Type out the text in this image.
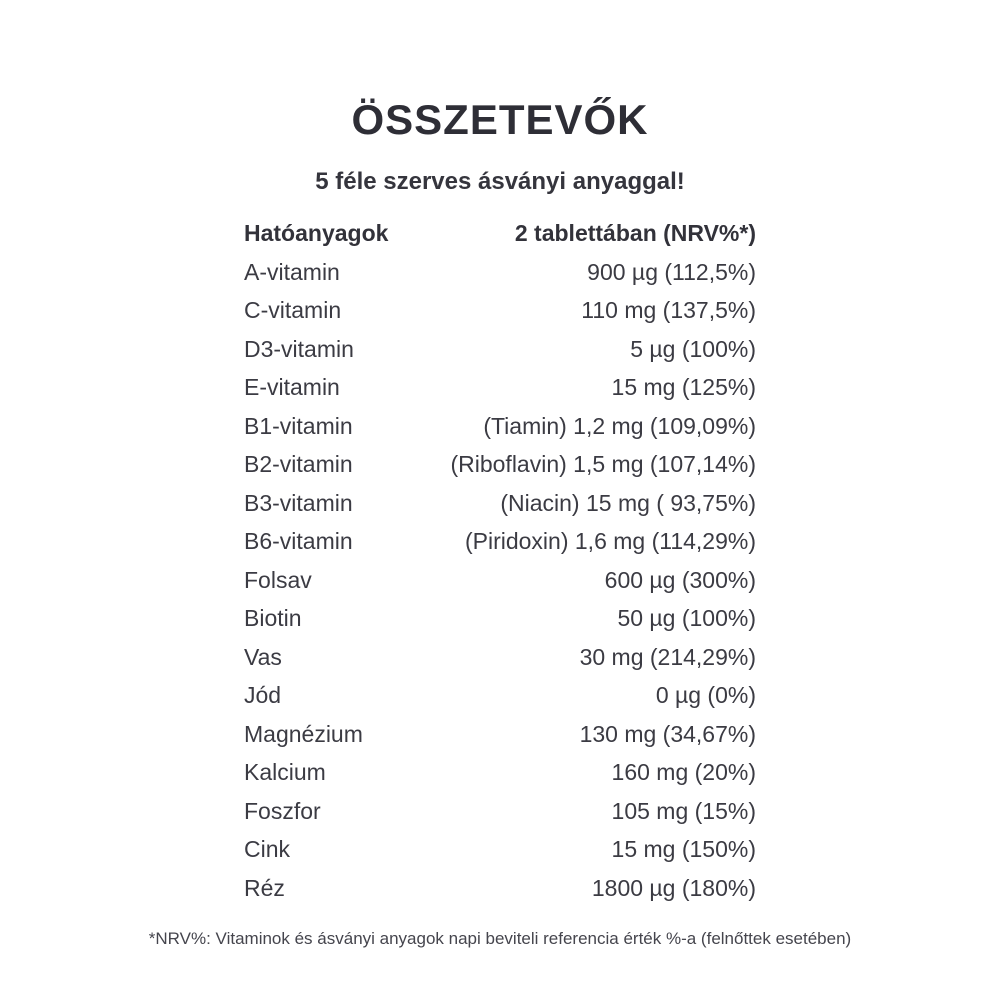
ÖSSZETEVŐK
5 féle szerves ásványi anyaggal!
Hatóanyagok	2 tablettában (NRV%*)
A-vitamin	900 µg (112,5%)
C-vitamin	110 mg (137,5%)
D3-vitamin	5 µg (100%)
E-vitamin	15 mg (125%)
B1-vitamin	(Tiamin) 1,2 mg (109,09%)
B2-vitamin	(Riboflavin) 1,5 mg (107,14%)
B3-vitamin	(Niacin) 15 mg ( 93,75%)
B6-vitamin	(Piridoxin) 1,6 mg (114,29%)
Folsav	600 µg (300%)
Biotin	50 µg (100%)
Vas	30 mg (214,29%)
Jód	0 µg (0%)
Magnézium	130 mg (34,67%)
Kalcium	160 mg (20%)
Foszfor	105 mg (15%)
Cink	15 mg (150%)
Réz	1800 µg (180%)
*NRV%: Vitaminok és ásványi anyagok napi beviteli referencia érték %-a (felnőttek esetében)
